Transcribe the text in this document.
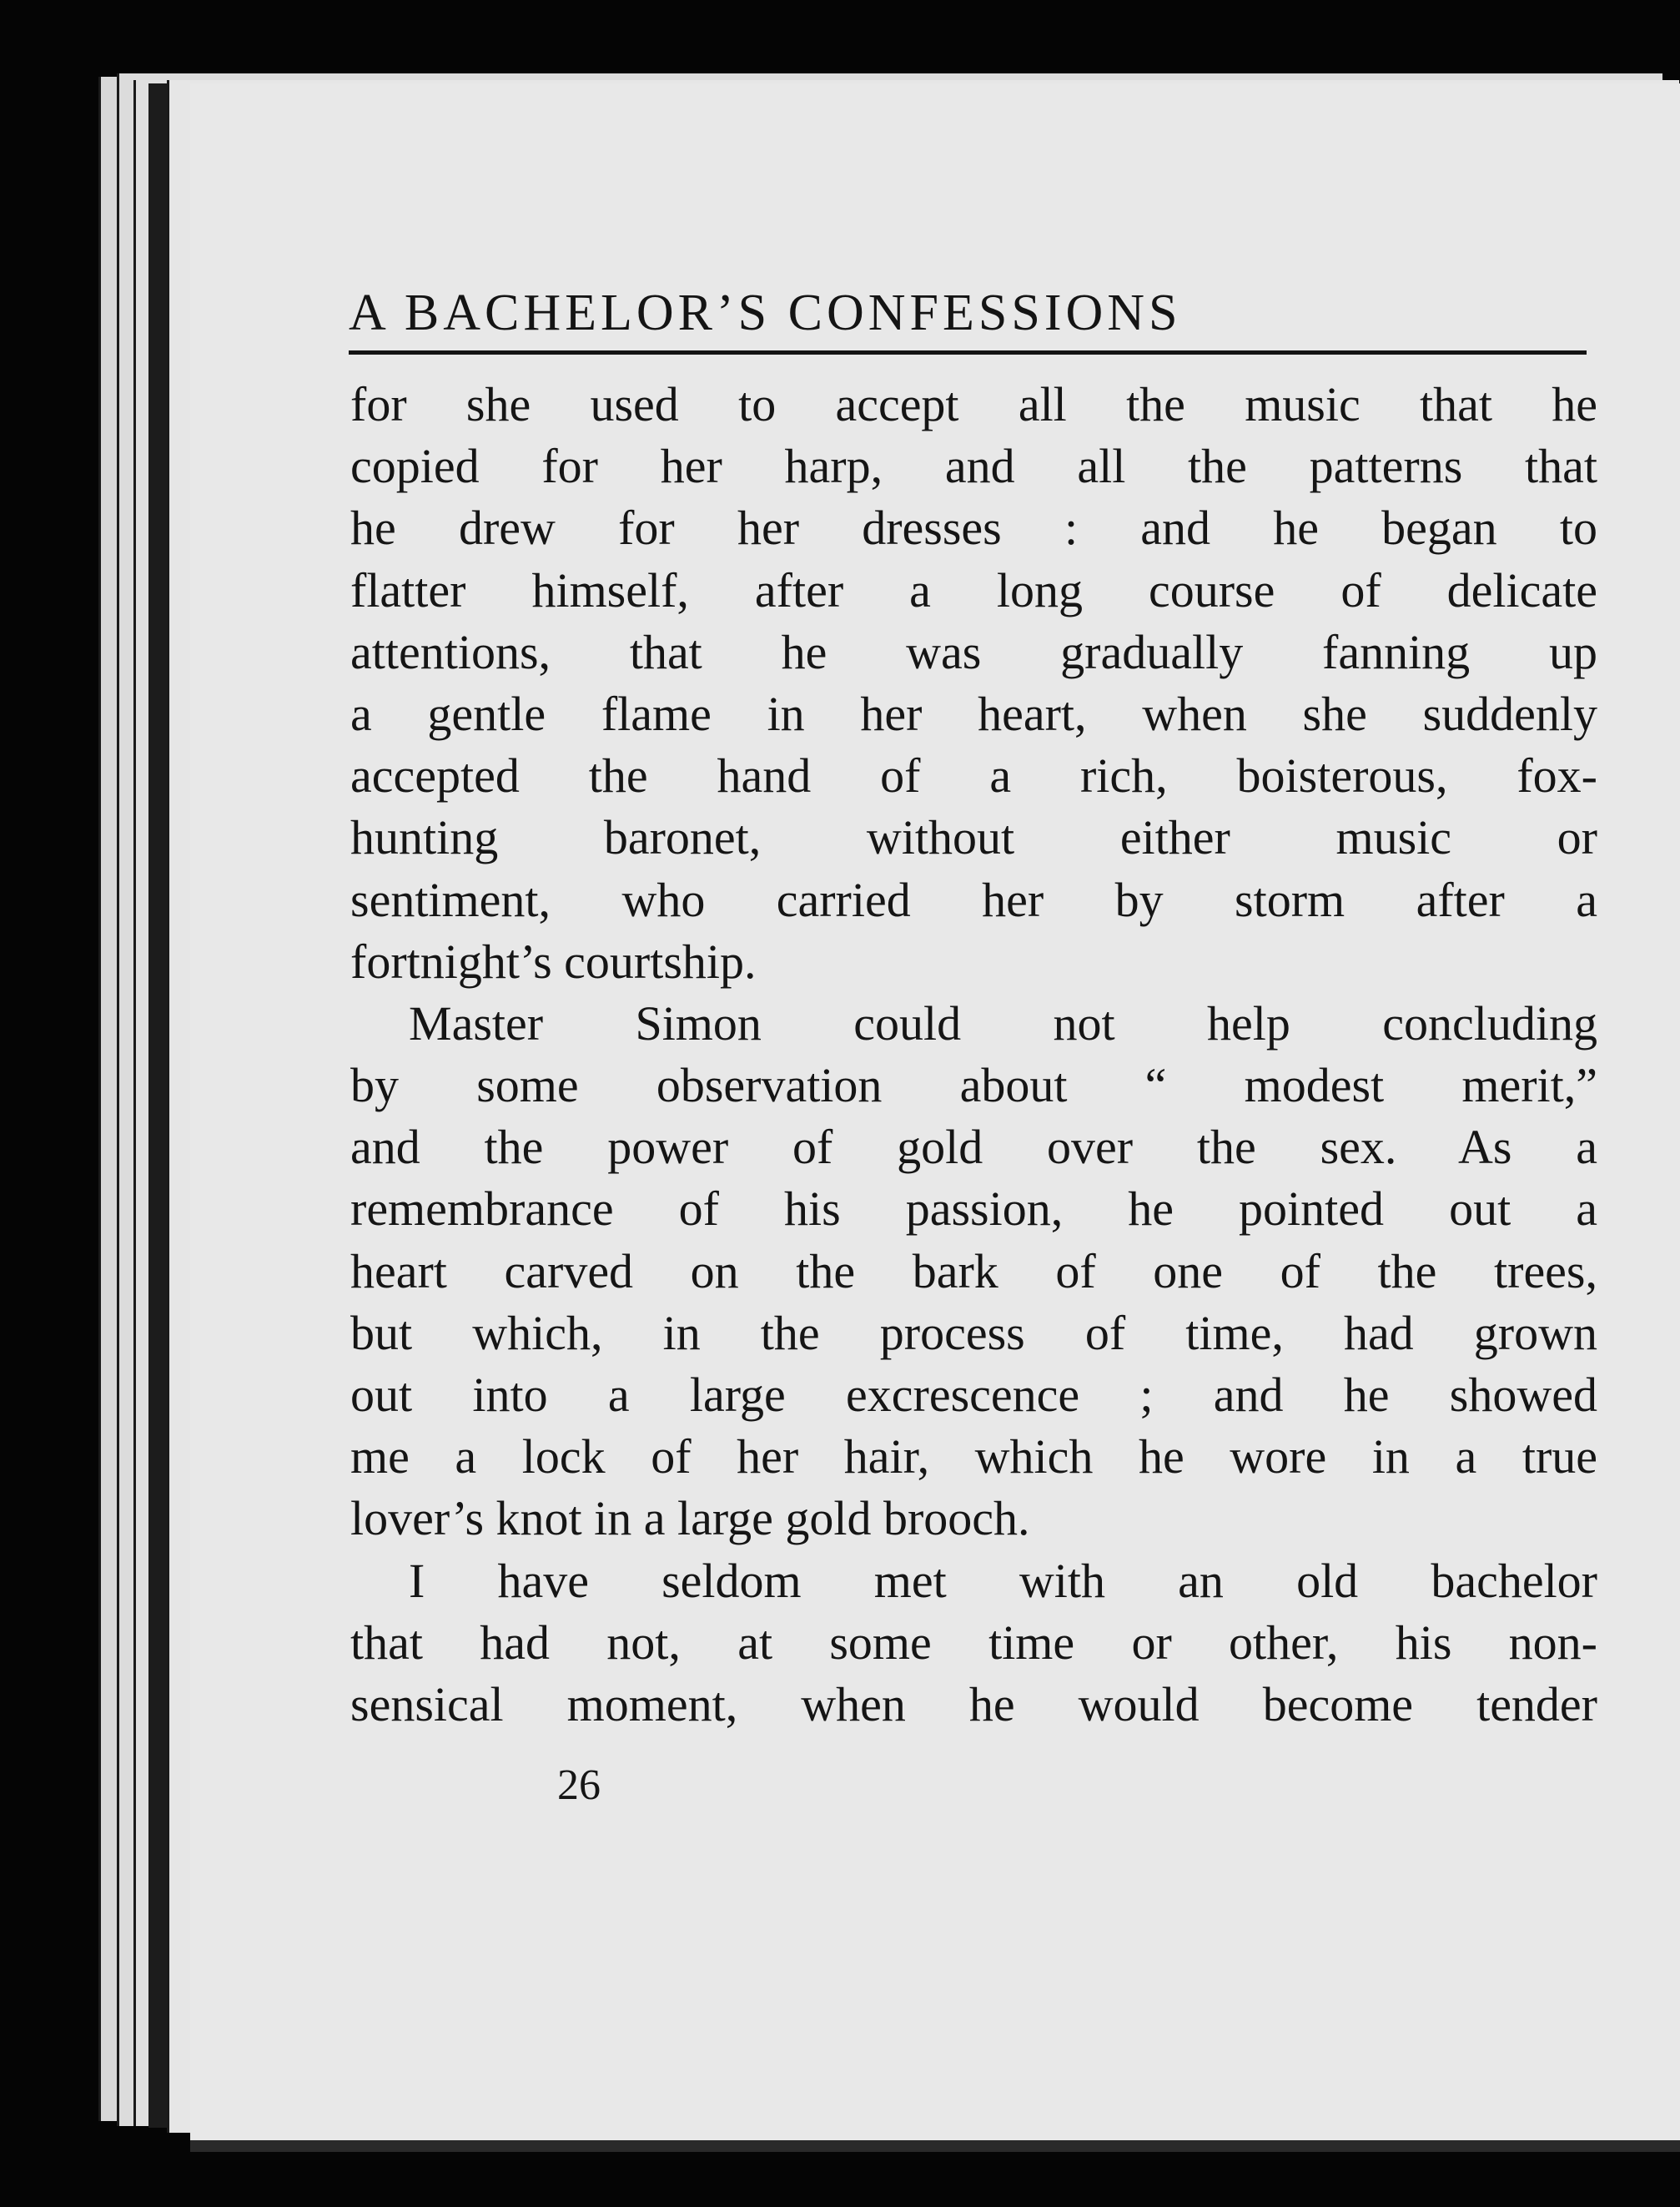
A BACHELOR’S CONFESSIONS
for she used to accept all the music that he
copied for her harp, and all the patterns that
he drew for her dresses : and he began to
flatter himself, after a long course of delicate
attentions, that he was gradually fanning up
a gentle flame in her heart, when she suddenly
accepted the hand of a rich, boisterous, fox-
hunting baronet, without either music or
sentiment, who carried her by storm after a
fortnight’s courtship.
Master Simon could not help concluding
by some observation about “ modest merit,”
and the power of gold over the sex. As a
remembrance of his passion, he pointed out a
heart carved on the bark of one of the trees,
but which, in the process of time, had grown
out into a large excrescence ; and he showed
me a lock of her hair, which he wore in a true
lover’s knot in a large gold brooch.
I have seldom met with an old bachelor
that had not, at some time or other, his non-
sensical moment, when he would become tender
26
